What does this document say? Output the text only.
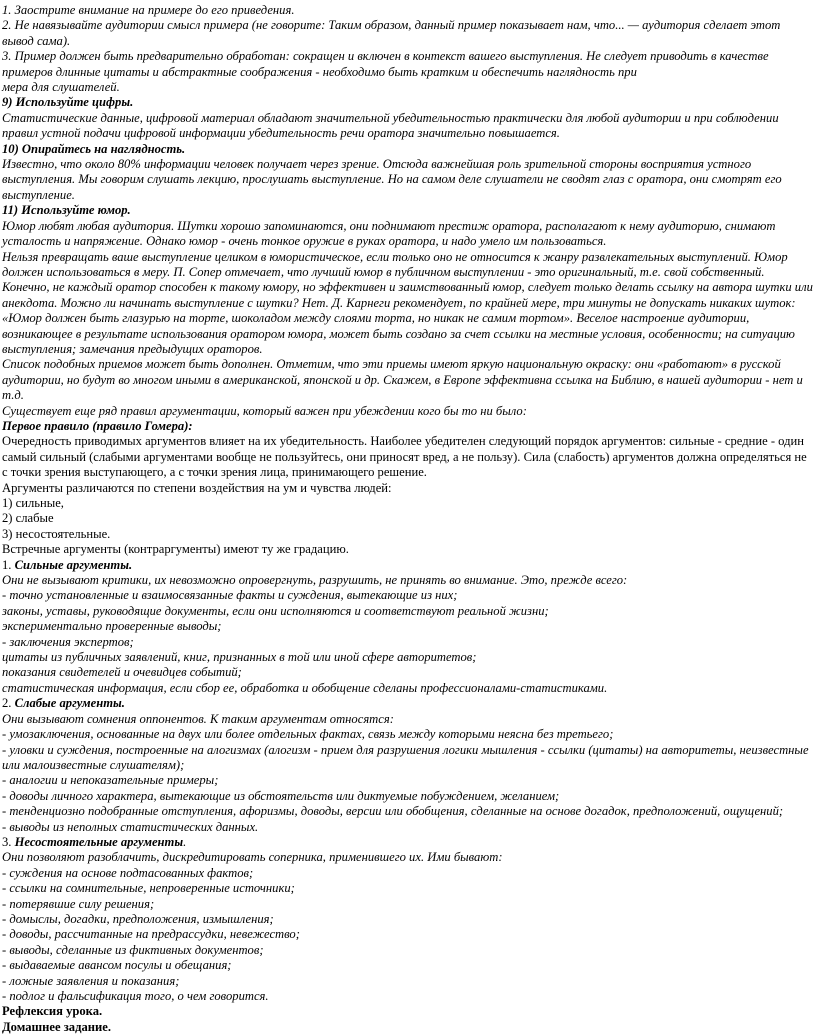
1. Заострите внимание на примере до его приведения.

2. Не навязывайте аудитории смысл примера (не говорите: Таким образом, данный пример показывает нам, что... — аудитория сделает этот вывод сама).

3. Пример должен быть предварительно обработан: сокращен и включен в контекст вашего выступления. Не следует приводить в качестве примеров длинные цитаты и абстрактные соображения - необходимо быть кратким и обеспечить наглядность при

мера для слушателей.

9) Используйте цифры.

Статистические данные, цифровой материал обладают значительной убедительностью практически для любой аудитории и при соблюдении правил устной подачи цифровой информации убедительность речи оратора значительно повышается.

10) Опирайтесь на наглядность.

Известно, что около 80% информации человек получает через зрение. Отсюда важнейшая роль зрительной стороны восприятия устного выступления. Мы говорим слушать лекцию, прослушать выступление. Но на самом деле слушатели не сводят глаз с оратора, они смотрят его выступление.

11) Используйте юмор.

Юмор любят любая аудитория. Шутки хорошо запоминаются, они поднимают престиж оратора, располагают к нему аудиторию, снимают усталость и напряжение. Однако юмор - очень тонкое оружие в руках оратора, и надо умело им пользоваться.

Нельзя превращать ваше выступление целиком в юмористическое, если только оно не относится к жанру развлекательных выступлений. Юмор должен использоваться в меру. П. Сопер отмечает, что лучший юмор в публичном выступлении - это оригинальный, т.е. свой собственный. Конечно, не каждый оратор способен к такому юмору, но эффективен и заимствованный юмор, следует только делать ссылку на автора шутки или анекдота. Можно ли начинать выступление с шутки? Нет. Д. Карнеги рекомендует, по крайней мере, три минуты не допускать никаких шуток: «Юмор должен быть глазурью на торте, шоколадом между слоями торта, но никак не самим тортом». Веселое настроение аудитории, возникающее в результате использования оратором юмора, может быть создано за счет ссылки на местные условия, особенности; на ситуацию выступления; замечания предыдущих ораторов.

Список подобных приемов может быть дополнен. Отметим, что эти приемы имеют яркую национальную окраску: они «работают» в русской аудитории, но будут во многом иными в американской, японской и др. Скажем, в Европе эффективна ссылка на Библию, в нашей аудитории - нет и т.д.

Существует еще ряд правил аргументации, который важен при убеждении кого бы то ни было:

Первое правило (правило Гомера):

Очередность приводимых аргументов влияет на их убедительность. Наиболее убедителен следующий порядок аргументов: сильные - средние - один самый сильный (слабыми аргументами вообще не пользуйтесь, они приносят вред, а не пользу). Сила (слабость) аргументов должна определяться не с точки зрения выступающего, а с точки зрения лица, принимающего решение.

Аргументы различаются по степени воздействия на ум и чувства людей:

1) сильные,

2) слабые

3) несостоятельные.

Встречные аргументы (контраргументы) имеют ту же градацию.

1. Сильные аргументы.

Они не вызывают критики, их невозможно опровергнуть, разрушить, не принять во внимание. Это, прежде всего:

- точно установленные и взаимосвязанные факты и суждения, вытекающие из них;

законы, уставы, руководящие документы, если они исполняются и соответствуют реальной жизни;

экспериментально проверенные выводы;

- заключения экспертов;

цитаты из публичных заявлений, книг, признанных в той или иной сфере авторитетов;

показания свидетелей и очевидцев событий;

статистическая информация, если сбор ее, обработка и обобщение сделаны профессионалами-статистиками.

2. Слабые аргументы.

Они вызывают сомнения оппонентов. К таким аргументам относятся:

- умозаключения, основанные на двух или более отдельных фактах, связь между которыми неясна без третьего;

- уловки и суждения, построенные на алогизмах (алогизм - прием для разрушения логики мышления - ссылки (цитаты) на авторитеты, неизвестные или малоизвестные слушателям);

- аналогии и непоказательные примеры;

- доводы личного характера, вытекающие из обстоятельств или диктуемые побуждением, желанием;

- тенденциозно подобранные отступления, афоризмы, доводы, версии или обобщения, сделанные на основе догадок, предположений, ощущений;

- выводы из неполных статистических данных.

3. Несостоятельные аргументы.

Они позволяют разоблачить, дискредитировать соперника, применившего их. Ими бывают:

- суждения на основе подтасованных фактов;

- ссылки на сомнительные, непроверенные источники;

- потерявшие силу решения;

- домыслы, догадки, предположения, измышления;

- доводы, рассчитанные на предрассудки, невежество;

- выводы, сделанные из фиктивных документов;

- выдаваемые авансом посулы и обещания;

- ложные заявления и показания;

- подлог и фальсификация того, о чем говорится.

Рефлексия урока.

Домашнее задание.
